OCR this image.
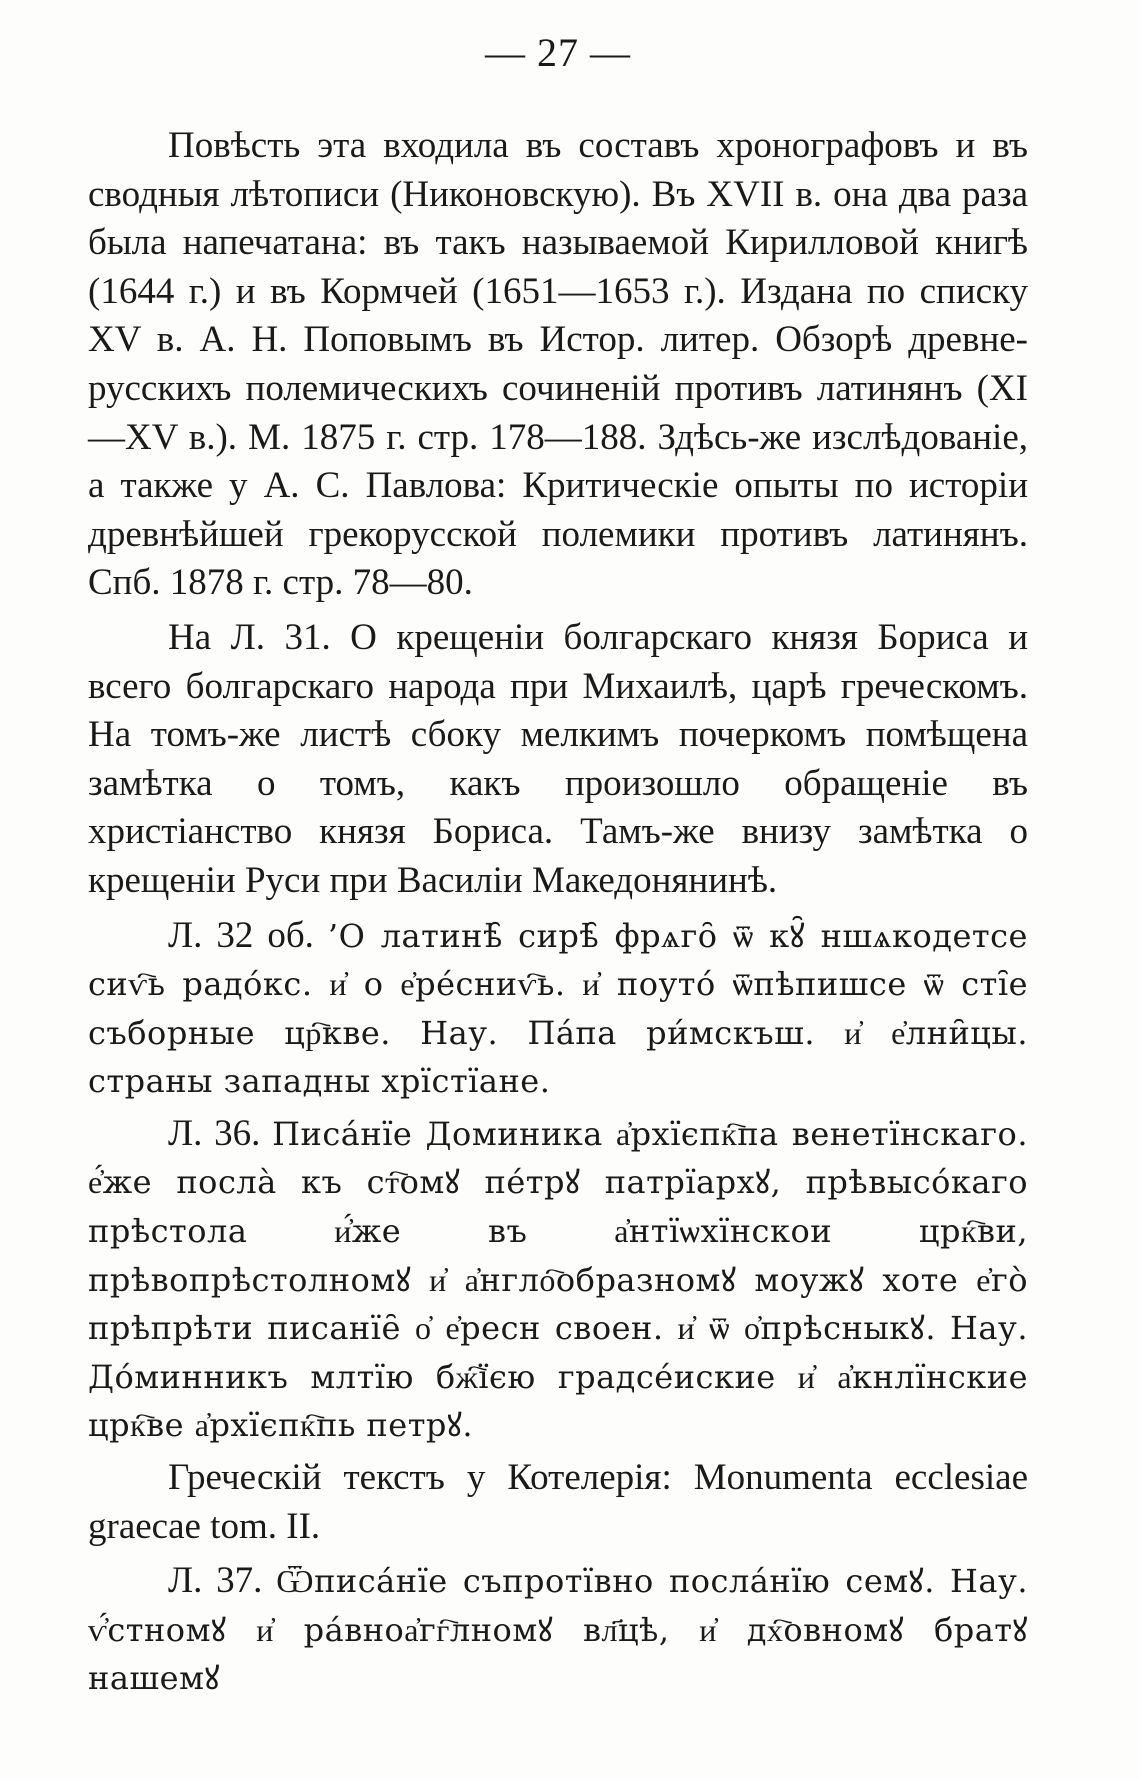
— 27 —

Повѣсть эта входила въ составъ хронографовъ и въ сводныя лѣтописи (Никоновскую). Въ XVII в. она два раза была напечатана: въ такъ называемой Кирилловой книгѣ (1644 г.) и въ Кормчей (1651—1653 г.). Издана по списку XV в. А. Н. Поповымъ въ Истор. литер. Обзорѣ древне-русскихъ полемическихъ сочиненій противъ латинянъ (XI—XV в.). М. 1875 г. стр. 178—188. Здѣсь-же изслѣдованіе, а также у А. С. Павлова: Критическіе опыты по исторіи древнѣйшей грекорусской полемики противъ латинянъ. Спб. 1878 г. стр. 78—80.

На Л. 31. О крещеніи болгарскаго князя Бориса и всего болгарскаго народа при Михаилѣ, царѣ греческомъ. На томъ-же листѣ сбоку мелкимъ почеркомъ помѣщена замѣтка о томъ, какъ произошло обращеніе въ христіанство князя Бориса. Тамъ-же внизу замѣтка о крещеніи Руси при Василіи Македонянинѣ.

Л. 32 об. ’О латинѣ̑ сирѣ̑ фрѧго̑ ѿ кꙋ̑ ншѧкодетсе сиѵ҇ь радо́кс. и҆ о е҆ре́сниѵ҇ь. и҆ поуто́ ѿпѣпишсе ѿ сті̑е съборные цр҇кве. Нау. Па́па ри́мскъш. и҆ е҆лни̑цы. страны западны хрїстїане.

Л. 36. Писа́нїе Доминика а҆рхїєпк҇па венетїнскаго. е҆́же посла̀ къ ст҇омꙋ пе́трꙋ патрїархꙋ, прѣвысо́каго прѣстола и҆́же въ а҆нтїѡхїнскои црк҇ви, прѣвопрѣстолномꙋ и҆ а҆нгло҇образномꙋ моужꙋ хоте е҆го̀ прѣпрѣти писанїе̑ о҆ е҆ресн своен. и҆ ѿ о҆прѣсныкꙋ. Нау. До́минникъ млтїю бж҇їєю градсе́иские и҆ а҆кнлїнские црк҇ве а҆рхїєпк҇пь петрꙋ.

Греческій текстъ у Котелерія: Monumenta ecclesiae graecae tom. II.

Л. 37. Ѿписа́нїе съпротївно посла́нїю семꙋ. Нау. ѵ҆́стномꙋ и҆ ра́вноа҆гг҇лномꙋ вл҃цѣ, и҆ дх҇овномꙋ братꙋ нашемꙋ
